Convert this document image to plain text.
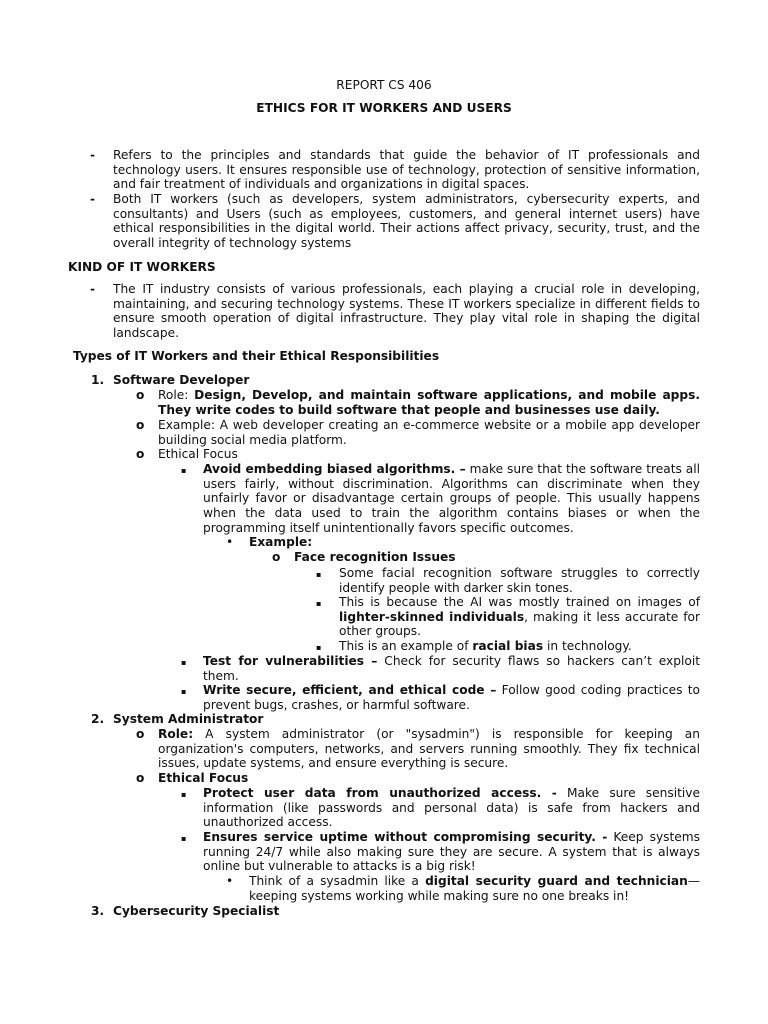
REPORT CS 406
ETHICS FOR IT WORKERS AND USERS
- Refers to the principles and standards that guide the behavior of IT professionals and technology users. It ensures responsible use of technology, protection of sensitive information, and fair treatment of individuals and organizations in digital spaces.
- Both IT workers (such as developers, system administrators, cybersecurity experts, and consultants) and Users (such as employees, customers, and general internet users) have ethical responsibilities in the digital world. Their actions affect privacy, security, trust, and the overall integrity of technology systems
KIND OF IT WORKERS
- The IT industry consists of various professionals, each playing a crucial role in developing, maintaining, and securing technology systems. These IT workers specialize in different fields to ensure smooth operation of digital infrastructure. They play vital role in shaping the digital landscape.
Types of IT Workers and their Ethical Responsibilities
1. Software Developer
o Role: Design, Develop, and maintain software applications, and mobile apps. They write codes to build software that people and businesses use daily.
o Example: A web developer creating an e-commerce website or a mobile app developer building social media platform.
o Ethical Focus
▪ Avoid embedding biased algorithms. – make sure that the software treats all users fairly, without discrimination. Algorithms can discriminate when they unfairly favor or disadvantage certain groups of people. This usually happens when the data used to train the algorithm contains biases or when the programming itself unintentionally favors specific outcomes.
• Example:
o Face recognition Issues
▪ Some facial recognition software struggles to correctly identify people with darker skin tones.
▪ This is because the AI was mostly trained on images of lighter-skinned individuals, making it less accurate for other groups.
▪ This is an example of racial bias in technology.
▪ Test for vulnerabilities – Check for security flaws so hackers can’t exploit them.
▪ Write secure, efficient, and ethical code – Follow good coding practices to prevent bugs, crashes, or harmful software.
2. System Administrator
o Role: A system administrator (or "sysadmin") is responsible for keeping an organization's computers, networks, and servers running smoothly. They fix technical issues, update systems, and ensure everything is secure.
o Ethical Focus
▪ Protect user data from unauthorized access. - Make sure sensitive information (like passwords and personal data) is safe from hackers and unauthorized access.
▪ Ensures service uptime without compromising security. - Keep systems running 24/7 while also making sure they are secure. A system that is always online but vulnerable to attacks is a big risk!
• Think of a sysadmin like a digital security guard and technician— keeping systems working while making sure no one breaks in!
3. Cybersecurity Specialist
